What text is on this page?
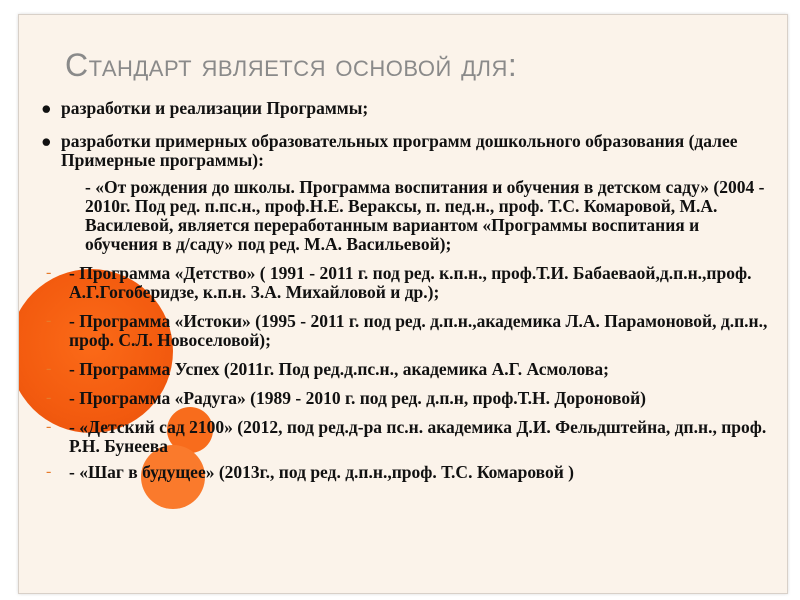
Стандарт является основой для:
● разработки и реализации Программы;
● разработки примерных образовательных программ дошкольного образования (далее Примерные программы):
- «От рождения до школы. Программа воспитания и обучения в детском саду» (2004 - 2010г. Под ред. п.пс.н., проф.Н.Е. Вераксы, п. пед.н., проф. Т.С. Комаровой, М.А. Василевой, является переработанным вариантом «Программы воспитания и обучения в д/саду» под ред. М.А. Васильевой);
- - Программа «Детство» ( 1991 - 2011 г. под ред. к.п.н., проф.Т.И. Бабаеваой,д.п.н.,проф. А.Г.Гогоберидзе, к.п.н. З.А. Михайловой и др.);
- - Программа «Истоки» (1995 - 2011 г. под ред. д.п.н.,академика Л.А. Парамоновой, д.п.н., проф. С.Л. Новоселовой);
- - Программа Успех (2011г. Под ред.д.пс.н., академика А.Г. Асмолова;
- - Программа «Радуга» (1989 - 2010 г. под ред. д.п.н, проф.Т.Н. Дороновой)
- - «Детский сад 2100» (2012, под ред.д-ра пс.н. академика Д.И. Фельдштейна, дп.н., проф. Р.Н. Бунеева
- - «Шаг в будущее» (2013г., под ред. д.п.н.,проф. Т.С. Комаровой )
